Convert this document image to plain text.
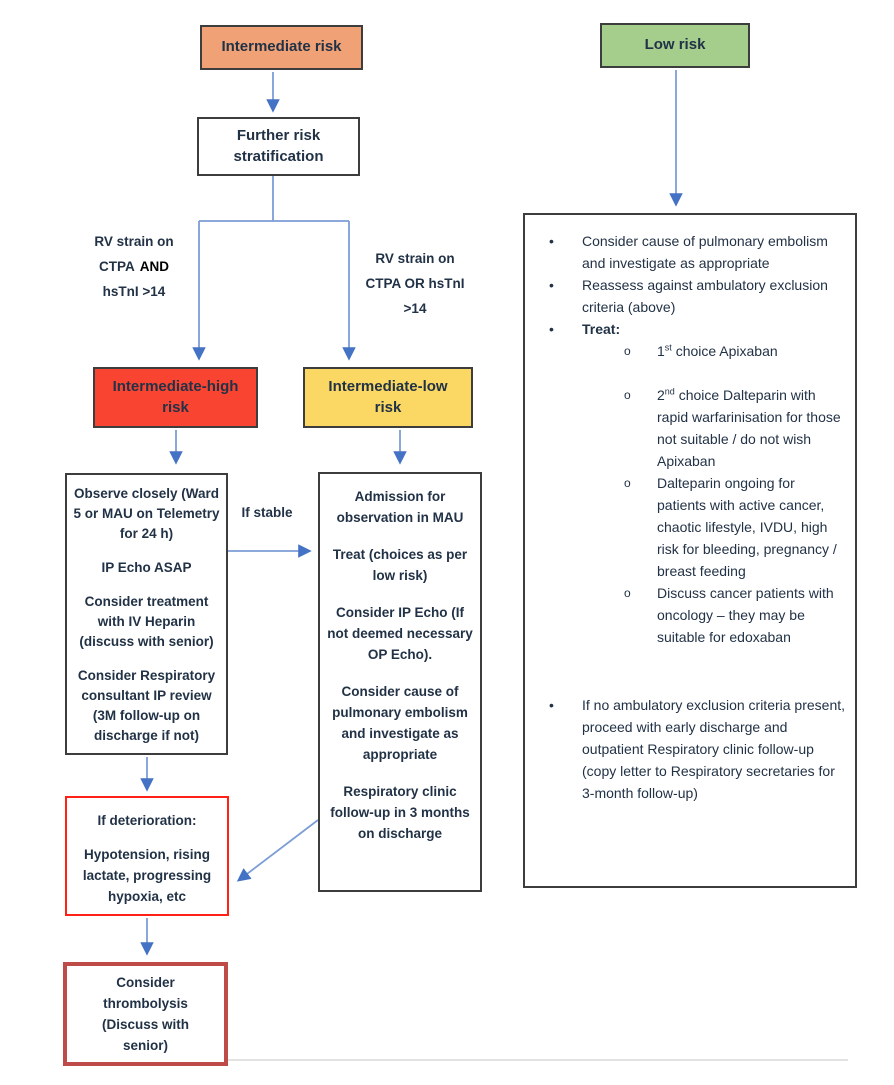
Intermediate risk	Low risk
Further risk stratification
RV strain on
CTPA AND
hsTnI >14
RV strain on
CTPA OR hsTnI
>14
Intermediate-high risk
Intermediate-low risk
If stable

Observe closely (Ward 5 or MAU on Telemetry for 24 h)

IP Echo ASAP

Consider treatment with IV Heparin (discuss with senior)

Consider Respiratory consultant IP review (3M follow-up on discharge if not)

Admission for observation in MAU

Treat (choices as per low risk)

Consider IP Echo (If not deemed necessary OP Echo).

Consider cause of pulmonary embolism and investigate as appropriate

Respiratory clinic follow-up in 3 months on discharge

If deterioration:
Hypotension, rising lactate, progressing hypoxia, etc
Consider thrombolysis (Discuss with senior)
•	Consider cause of pulmonary embolism and investigate as appropriate
•	Reassess against ambulatory exclusion criteria (above)
•	Treat:
o	1st choice Apixaban
o	2nd choice Dalteparin with rapid warfarinisation for those not suitable / do not wish Apixaban
o	Dalteparin ongoing for patients with active cancer, chaotic lifestyle, IVDU, high risk for bleeding, pregnancy / breast feeding
o	Discuss cancer patients with oncology – they may be suitable for edoxaban
•	If no ambulatory exclusion criteria present, proceed with early discharge and outpatient Respiratory clinic follow-up (copy letter to Respiratory secretaries for 3-month follow-up)
